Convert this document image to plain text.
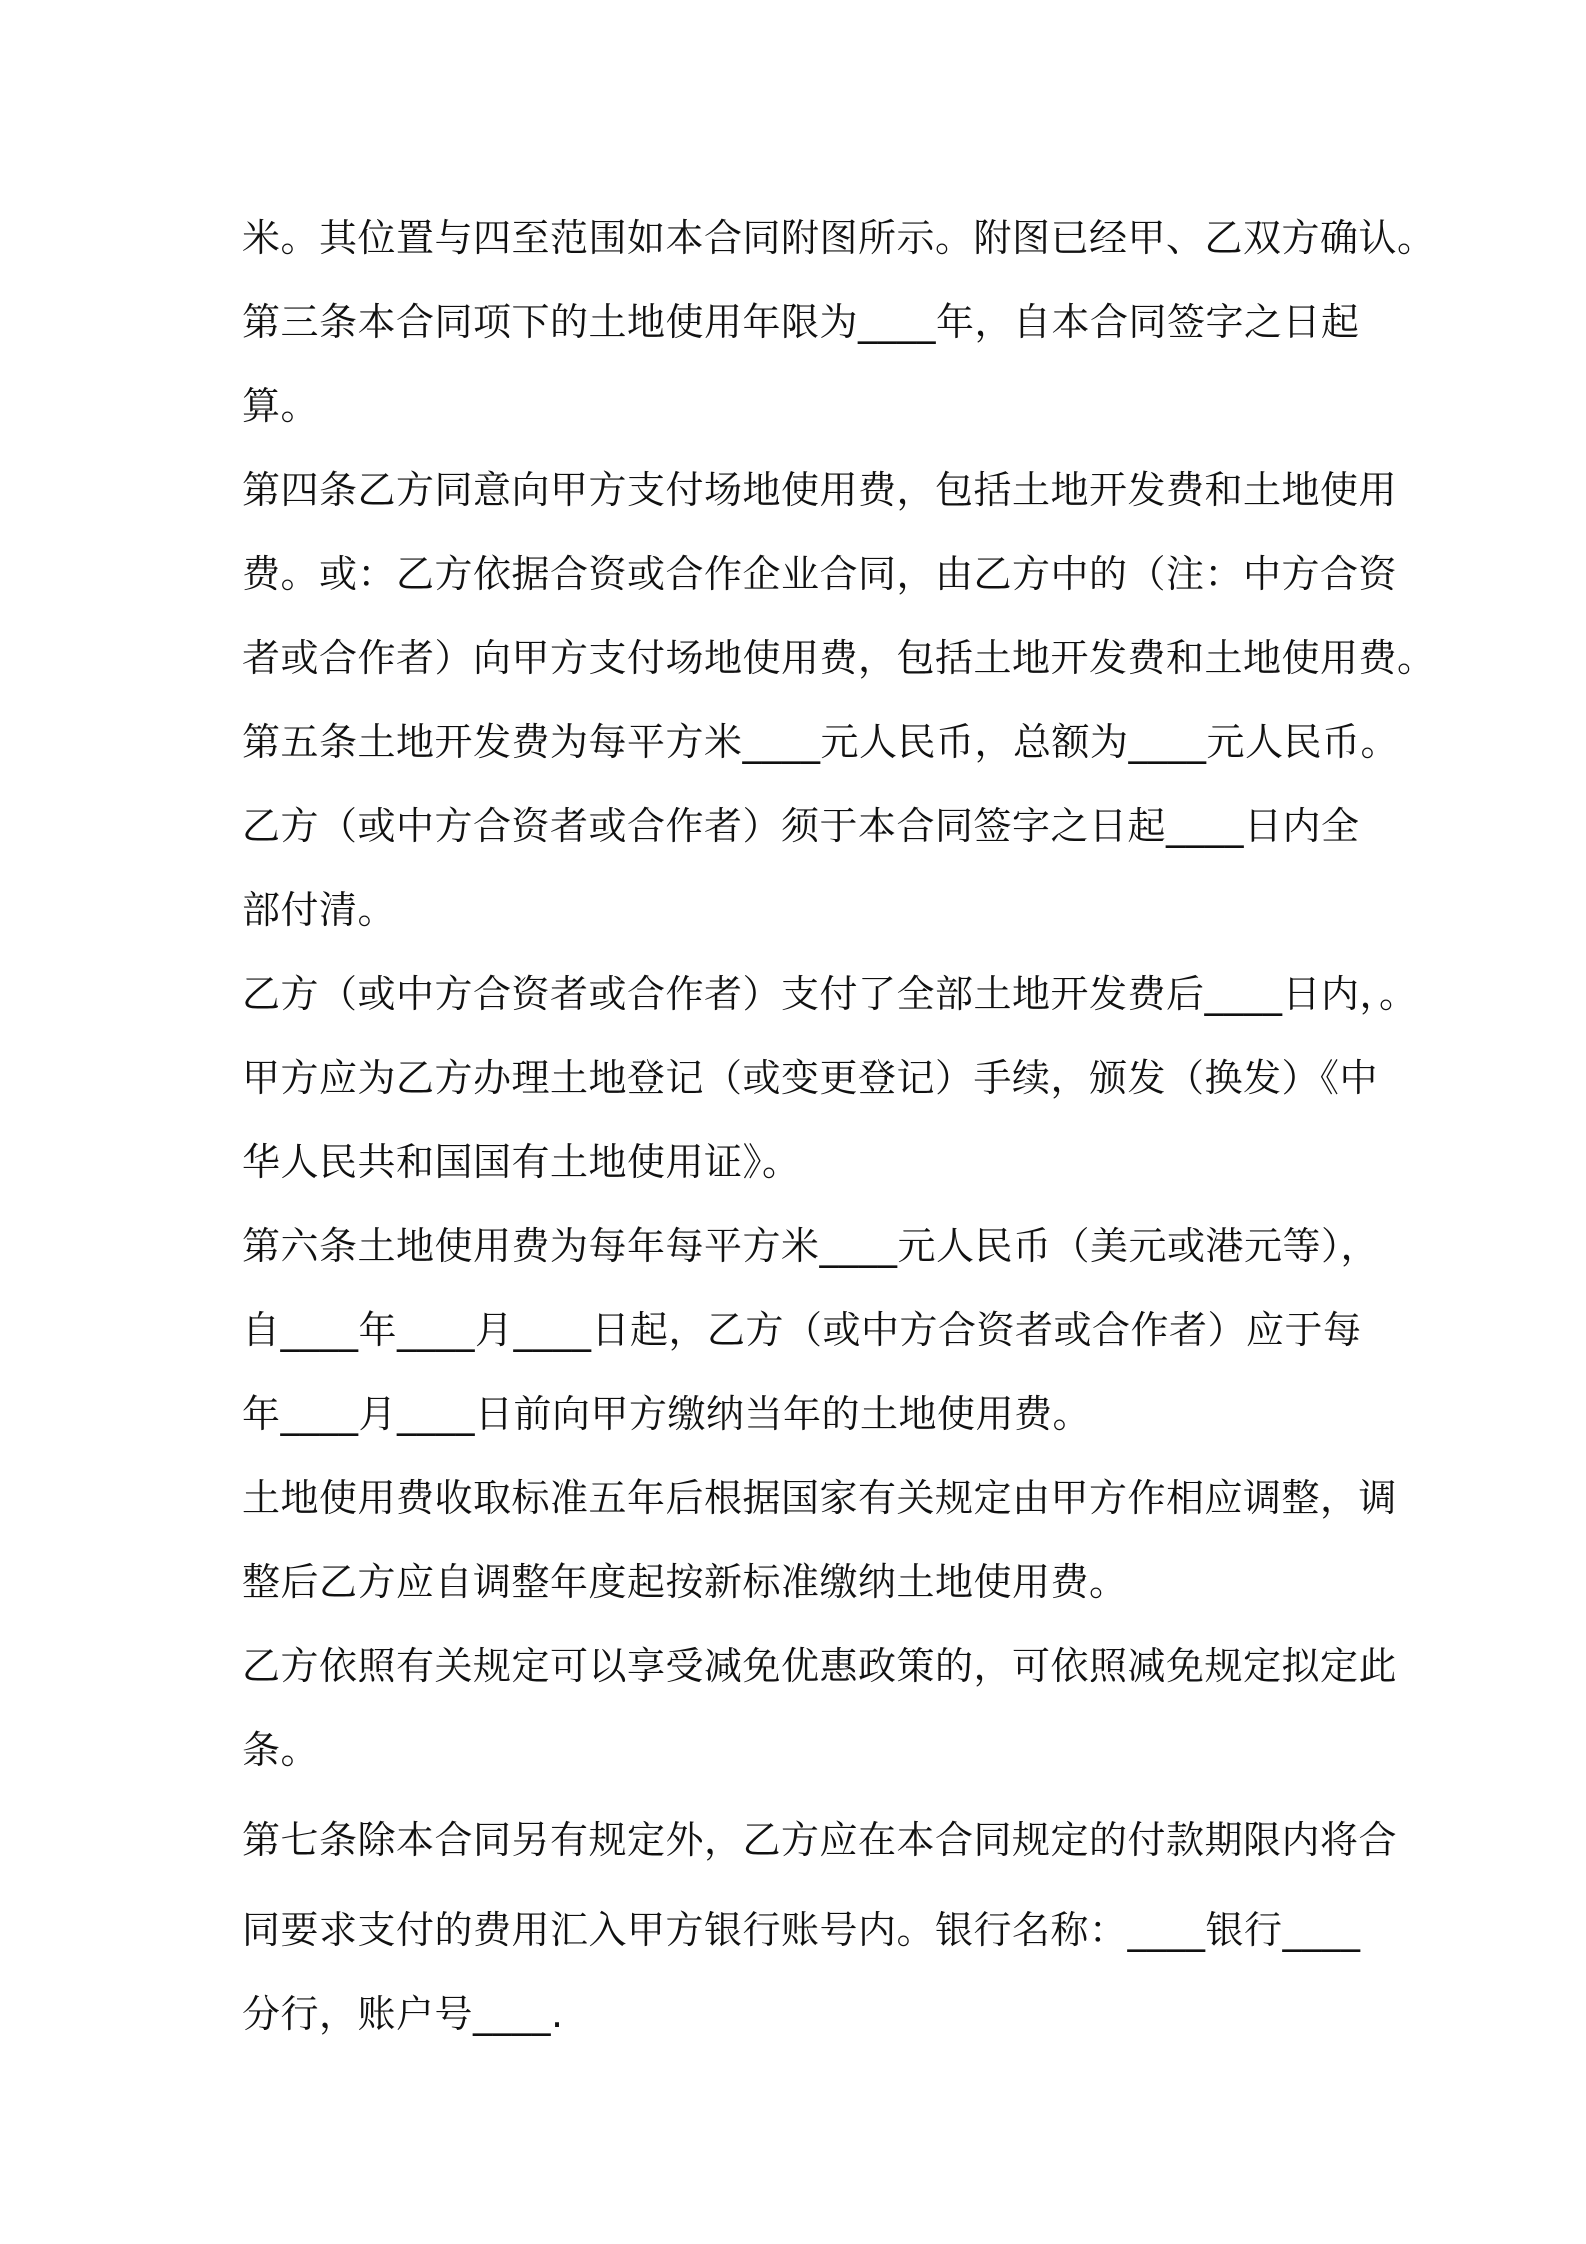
米。其位置与四至范围如本合同附图所示。附图已经甲、乙双方确认。

第三条本合同项下的土地使用年限为____年，自本合同签字之日起

算。

第四条乙方同意向甲方支付场地使用费，包括土地开发费和土地使用

费。或：乙方依据合资或合作企业合同，由乙方中的（注：中方合资

者或合作者）向甲方支付场地使用费，包括土地开发费和土地使用费。

第五条土地开发费为每平方米____元人民币，总额为____元人民币。

乙方（或中方合资者或合作者）须于本合同签字之日起____日内全

部付清。

乙方（或中方合资者或合作者）支付了全部土地开发费后____日内，。

甲方应为乙方办理土地登记（或变更登记）手续，颁发（换发）《中

华人民共和国国有土地使用证》。

第六条土地使用费为每年每平方米____元人民币（美元或港元等），

自____年____月____日起，乙方（或中方合资者或合作者）应于每

年____月____日前向甲方缴纳当年的土地使用费。

土地使用费收取标准五年后根据国家有关规定由甲方作相应调整，调

整后乙方应自调整年度起按新标准缴纳土地使用费。

乙方依照有关规定可以享受减免优惠政策的，可依照减免规定拟定此

条。

第七条除本合同另有规定外，乙方应在本合同规定的付款期限内将合

同要求支付的费用汇入甲方银行账号内。银行名称：____银行____

分行，账户号____.
